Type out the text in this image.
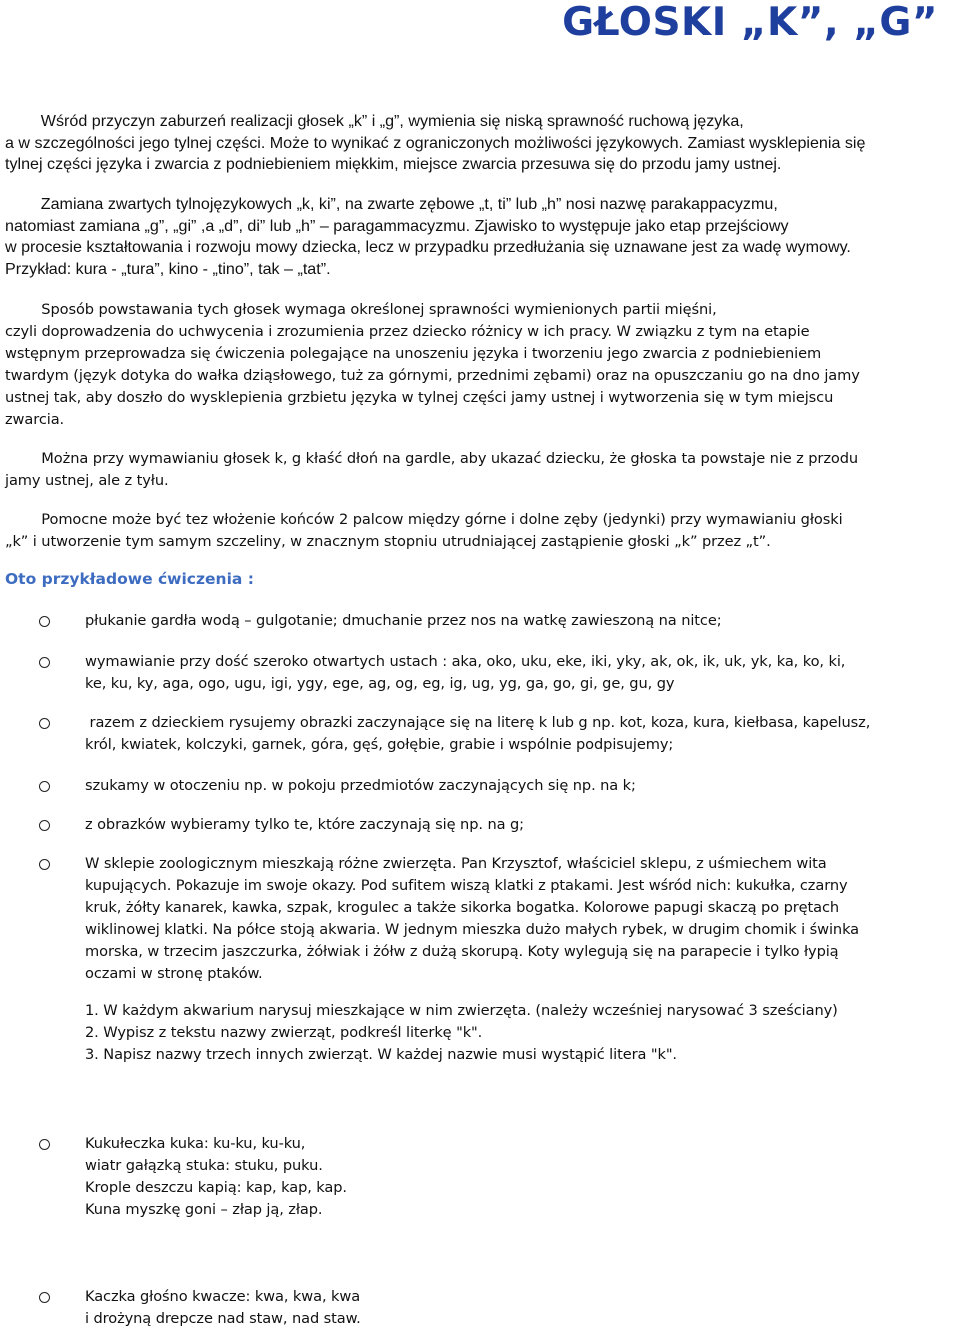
GŁOSKI „K”, „G”
Wśród przyczyn zaburzeń realizacji głosek „k” i „g”, wymienia się niską sprawność ruchową języka,
a w szczególności jego tylnej części. Może to wynikać z ograniczonych możliwości językowych. Zamiast wysklepienia się
tylnej części języka i zwarcia z podniebieniem miękkim, miejsce zwarcia przesuwa się do przodu jamy ustnej.
Zamiana zwartych tylnojęzykowych „k, ki”, na zwarte zębowe „t, ti” lub „h” nosi nazwę parakappacyzmu,
natomiast zamiana „g”, „gi” ,a „d”, di” lub „h” – paragammacyzmu. Zjawisko to występuje jako etap przejściowy
w procesie kształtowania i rozwoju mowy dziecka, lecz w przypadku przedłużania się uznawane jest za wadę wymowy.
Przykład: kura - „tura”, kino - „tino”, tak – „tat”.
Sposób powstawania tych głosek wymaga określonej sprawności wymienionych partii mięśni,
czyli doprowadzenia do uchwycenia i zrozumienia przez dziecko różnicy w ich pracy. W związku z tym na etapie
wstępnym przeprowadza się ćwiczenia polegające na unoszeniu języka i tworzeniu jego zwarcia z podniebieniem
twardym (język dotyka do wałka dziąsłowego, tuż za górnymi, przednimi zębami) oraz na opuszczaniu go na dno jamy
ustnej tak, aby doszło do wysklepienia grzbietu języka w tylnej części jamy ustnej i wytworzenia się w tym miejscu
zwarcia.
Można przy wymawianiu głosek k, g kłaść dłoń na gardle, aby ukazać dziecku, że głoska ta powstaje nie z przodu
jamy ustnej, ale z tyłu.
Pomocne może być tez włożenie końców 2 palcow między górne i dolne zęby (jedynki) przy wymawianiu głoski
„k” i utworzenie tym samym szczeliny, w znacznym stopniu utrudniającej zastąpienie głoski „k” przez „t”.
Oto przykładowe ćwiczenia :
płukanie gardła wodą – gulgotanie; dmuchanie przez nos na watkę zawieszoną na nitce;
wymawianie przy dość szeroko otwartych ustach : aka, oko, uku, eke, iki, yky, ak, ok, ik, uk, yk, ka, ko, ki,
ke, ku, ky, aga, ogo, ugu, igi, ygy, ege, ag, og, eg, ig, ug, yg, ga, go, gi, ge, gu, gy
razem z dzieckiem rysujemy obrazki zaczynające się na literę k lub g np. kot, koza, kura, kiełbasa, kapelusz,
król, kwiatek, kolczyki, garnek, góra, gęś, gołębie, grabie i wspólnie podpisujemy;
szukamy w otoczeniu np. w pokoju przedmiotów zaczynających się np. na k;
z obrazków wybieramy tylko te, które zaczynają się np. na g;
W sklepie zoologicznym mieszkają różne zwierzęta. Pan Krzysztof, właściciel sklepu, z uśmiechem wita
kupujących. Pokazuje im swoje okazy. Pod sufitem wiszą klatki z ptakami. Jest wśród nich: kukułka, czarny
kruk, żółty kanarek, kawka, szpak, krogulec a także sikorka bogatka. Kolorowe papugi skaczą po prętach
wiklinowej klatki. Na półce stoją akwaria. W jednym mieszka dużo małych rybek, w drugim chomik i świnka
morska, w trzecim jaszczurka, żółwiak i żółw z dużą skorupą. Koty wylegują się na parapecie i tylko łypią
oczami w stronę ptaków.
1. W każdym akwarium narysuj mieszkające w nim zwierzęta. (należy wcześniej narysować 3 sześciany)
2. Wypisz z tekstu nazwy zwierząt, podkreśl literkę "k".
3. Napisz nazwy trzech innych zwierząt. W każdej nazwie musi wystąpić litera "k".
Kukułeczka kuka: ku-ku, ku-ku,
wiatr gałązką stuka: stuku, puku.
Krople deszczu kapią: kap, kap, kap.
Kuna myszkę goni – złap ją, złap.
Kaczka głośno kwacze: kwa, kwa, kwa
i drożyną drepcze nad staw, nad staw.
